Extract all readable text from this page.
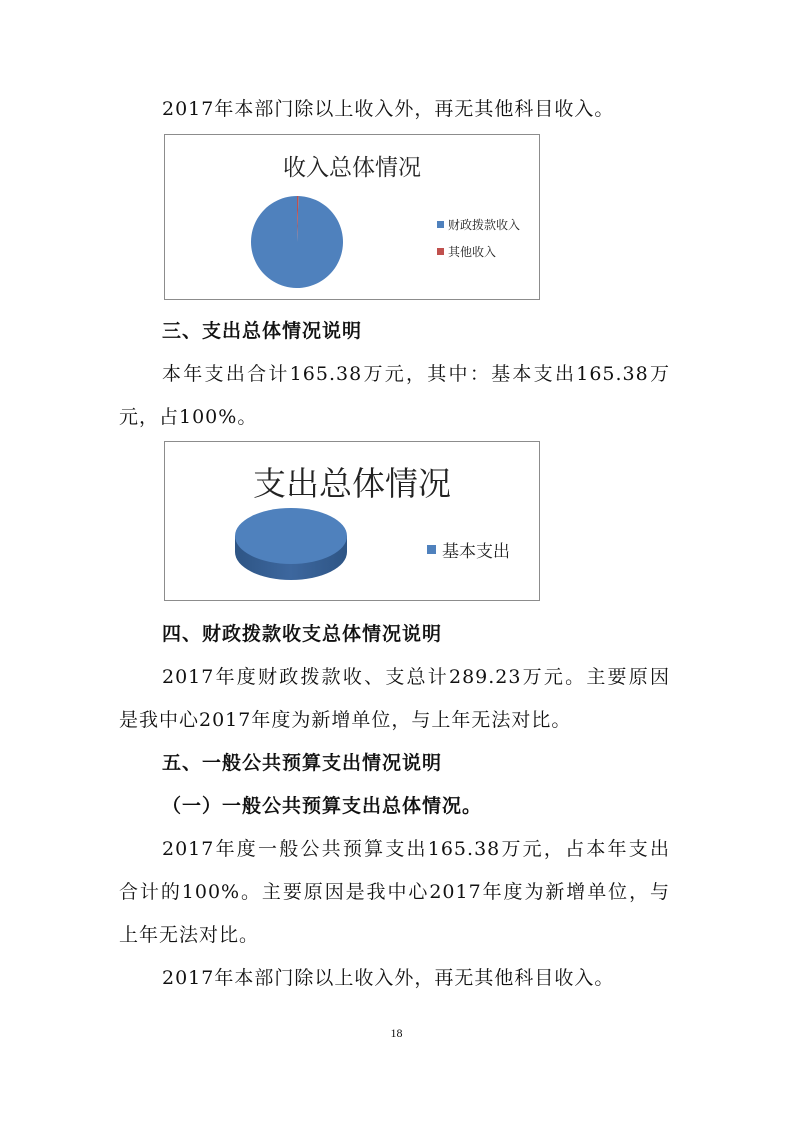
2017年本部门除以上收入外，再无其他科目收入。
收入总体情况
财政拨款收入
其他收入
三、支出总体情况说明
本年支出合计165.38万元，其中：基本支出165.38万
元，占100%。
支出总体情况
基本支出
四、财政拨款收支总体情况说明
2017年度财政拨款收、支总计289.23万元。主要原因
是我中心2017年度为新增单位，与上年无法对比。
五、一般公共预算支出情况说明
（一）一般公共预算支出总体情况。
2017年度一般公共预算支出165.38万元，占本年支出
合计的100%。主要原因是我中心2017年度为新增单位，与
上年无法对比。
2017年本部门除以上收入外，再无其他科目收入。
18
